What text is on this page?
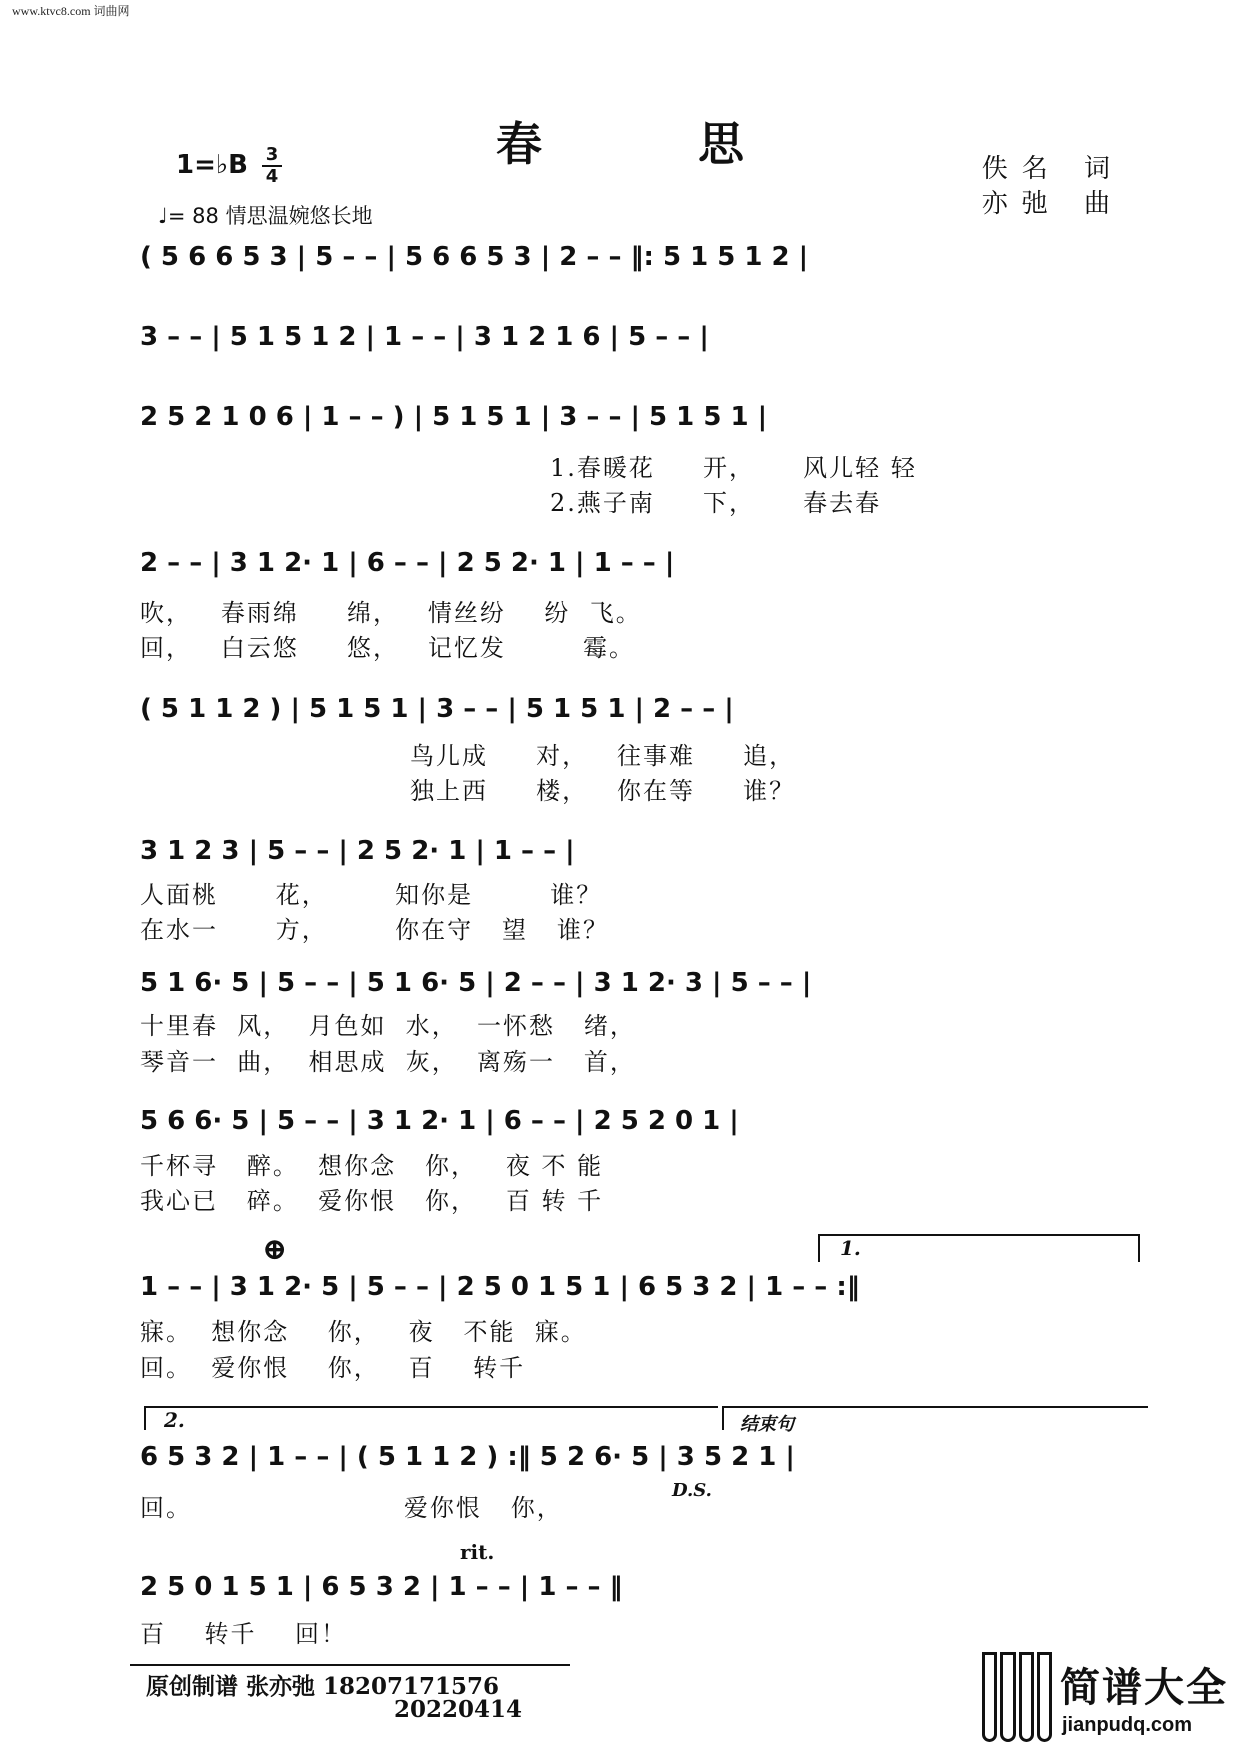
www.ktvc8.com 词曲网
春 思
1=♭B 3
4
♩= 88 情思温婉悠长地
佚名 词
亦弛 曲
( 5 6 6 5 3 | 5 – – | 5 6 6 5 3 | 2 – – ‖: 5 1 5 1 2 |
3 – – | 5 1 5 1 2 | 1 – – | 3 1 2 1 6 | 5 – – |
2 5 2 1 0 6 | 1 – – ) | 5 1 5 1 | 3 – – | 5 1 5 1 |
1.春暖花     开，     风儿轻 轻
2.燕子南     下，     春去春
2 – – | 3 1 2· 1 | 6 – – | 2 5 2· 1 | 1 – – |
吹，   春雨绵     绵，   情丝纷    纷  飞。
回，   白云悠     悠，   记忆发        霉。
( 5 1 1 2 ) | 5 1 5 1 | 3 – – | 5 1 5 1 | 2 – – |
鸟儿成     对，   往事难     追，
独上西     楼，   你在等     谁？
3 1 2 3 | 5 – – | 2 5 2· 1 | 1 – – |
人面桃      花，       知你是        谁？
在水一      方，       你在守   望   谁？
5 1 6· 5 | 5 – – | 5 1 6· 5 | 2 – – | 3 1 2· 3 | 5 – – |
十里春  风，  月色如  水，  一怀愁   绪，
琴音一  曲，  相思成  灰，  离殇一   首，
5 6 6· 5 | 5 – – | 3 1 2· 1 | 6 – – | 2 5 2 0 1 |
千杯寻   醉。  想你念   你，   夜 不 能
我心已   碎。  爱你恨   你，   百 转 千
⊕	1.
1 – – | 3 1 2· 5 | 5 – – | 2 5 0 1 5 1 | 6 5 3 2 | 1 – – :‖
寐。  想你念    你，   夜   不能  寐。
回。  爱你恨    你，   百    转千
2.	结束句
6 5 3 2 | 1 – – | ( 5 1 1 2 ) :‖ 5 2 6· 5 | 3 5 2 1 |
D.S.
回。                      爱你恨   你，
rit.
2 5 0 1 5 1 | 6 5 3 2 | 1 – – | 1 – – ‖
百    转千    回！
原创制谱 张亦弛 18207171576
20220414	简谱大全
jianpudq.com
